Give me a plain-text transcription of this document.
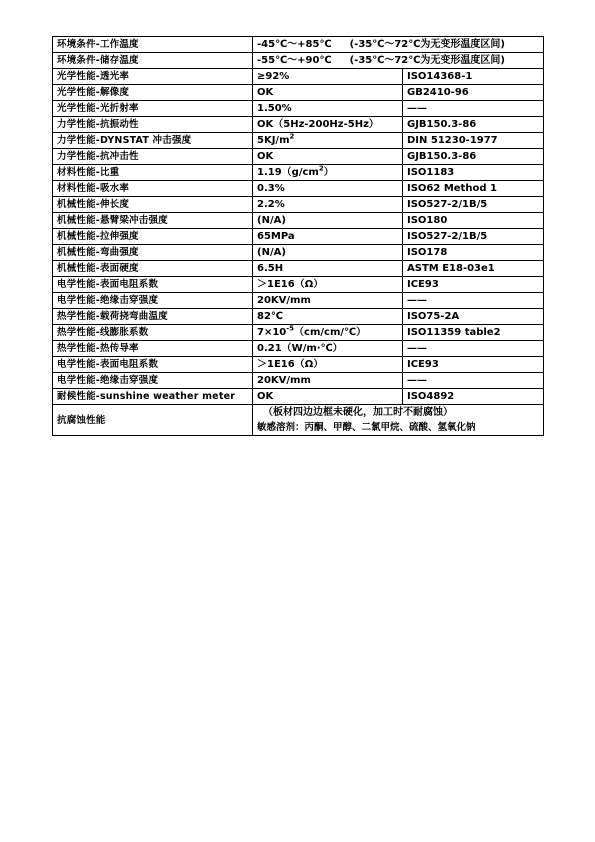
环境条件-工作温度	-45℃～+85℃ (-35℃～72℃为无变形温度区间)	
环境条件-储存温度	-55℃～+90℃ (-35℃～72℃为无变形温度区间)	
光学性能-透光率	≥92%	ISO14368-1
光学性能-解像度	OK	GB2410-96
光学性能-光折射率	1.50%	——
力学性能-抗振动性	OK（5Hz-200Hz-5Hz）	GJB150.3-86
力学性能-DYNSTAT 冲击强度	$5KJ/m^2$	DIN 51230-1977
力学性能-抗冲击性	OK	GJB150.3-86
材料性能-比重	$1.19(g/cm^2)$	ISO1183
材料性能-吸水率	0.3%	ISO62 Method 1
机械性能-伸长度	2.2%	ISO527-2/1B/5
机械性能-悬臂梁冲击强度	(N/A)	ISO180
机械性能-拉伸强度	65MPa	ISO527-2/1B/5
机械性能-弯曲强度	(N/A)	ISO178
机械性能-表面硬度	6.5H	ASTM E18-03e1
电学性能-表面电阻系数	＞1E16（Ω）	ICE93
电学性能-绝缘击穿强度	20KV/mm	——
热学性能-载荷挠弯曲温度	82℃	ISO75-2A
热学性能-线膨胀系数	$7\times 10^{-5}(cm/cm/℃)$	ISO11359 table2
热学性能-热传导率	0.21（W/m·℃）	——
电学性能-表面电阻系数	＞1E16（Ω）	ICE93
电学性能-绝缘击穿强度	20KV/mm	——
耐候性能-sunshine weather meter	OK	ISO4892
抗腐蚀性能	（板材四边边框未硬化，加工时不耐腐蚀）
敏感溶剂：丙酮、甲醇、二氯甲烷、硫酸、氢氧化钠	
